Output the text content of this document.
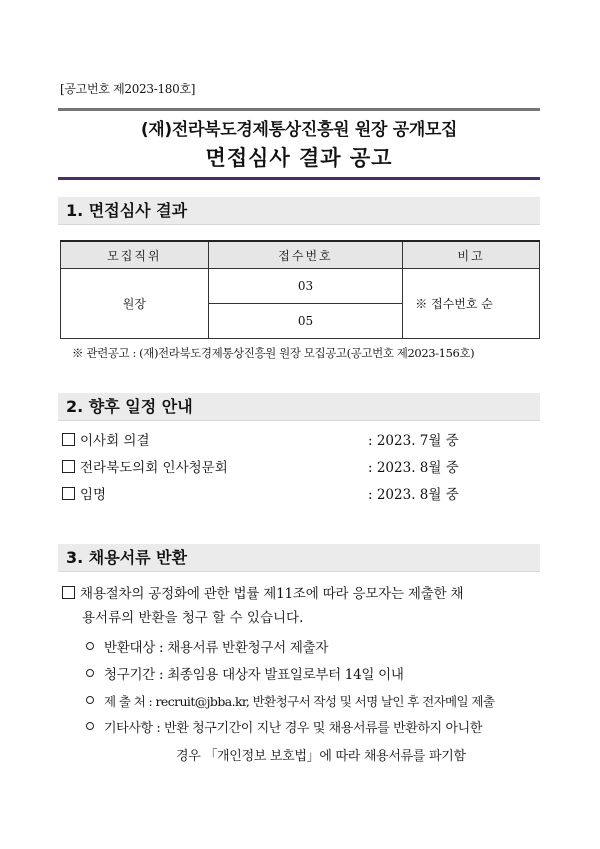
[공고번호 제2023-180호]
(재)전라북도경제통상진흥원 원장 공개모집
면접심사 결과 공고
1. 면접심사 결과
모집직위	접수번호	비고
원장	03	※ 접수번호 순
	05	
※ 관련공고 : (재)전라북도경제통상진흥원 원장 모집공고(공고번호 제2023-156호)
2. 향후 일정 안내
이사회 의결	: 2023. 7월 중
전라북도의회 인사청문회	: 2023. 8월 중
임명	: 2023. 8월 중
3. 채용서류 반환
채용절차의 공정화에 관한 법률 제11조에 따라 응모자는 제출한 채
용서류의 반환을 청구 할 수 있습니다.
반환대상 : 채용서류 반환청구서 제출자
청구기간 : 최종임용 대상자 발표일로부터 14일 이내
제 출 처 : recruit@jbba.kr, 반환청구서 작성 및 서명 날인 후 전자메일 제출
기타사항 : 반환 청구기간이 지난 경우 및 채용서류를 반환하지 아니한
경우 「개인정보 보호법」에 따라 채용서류를 파기함
